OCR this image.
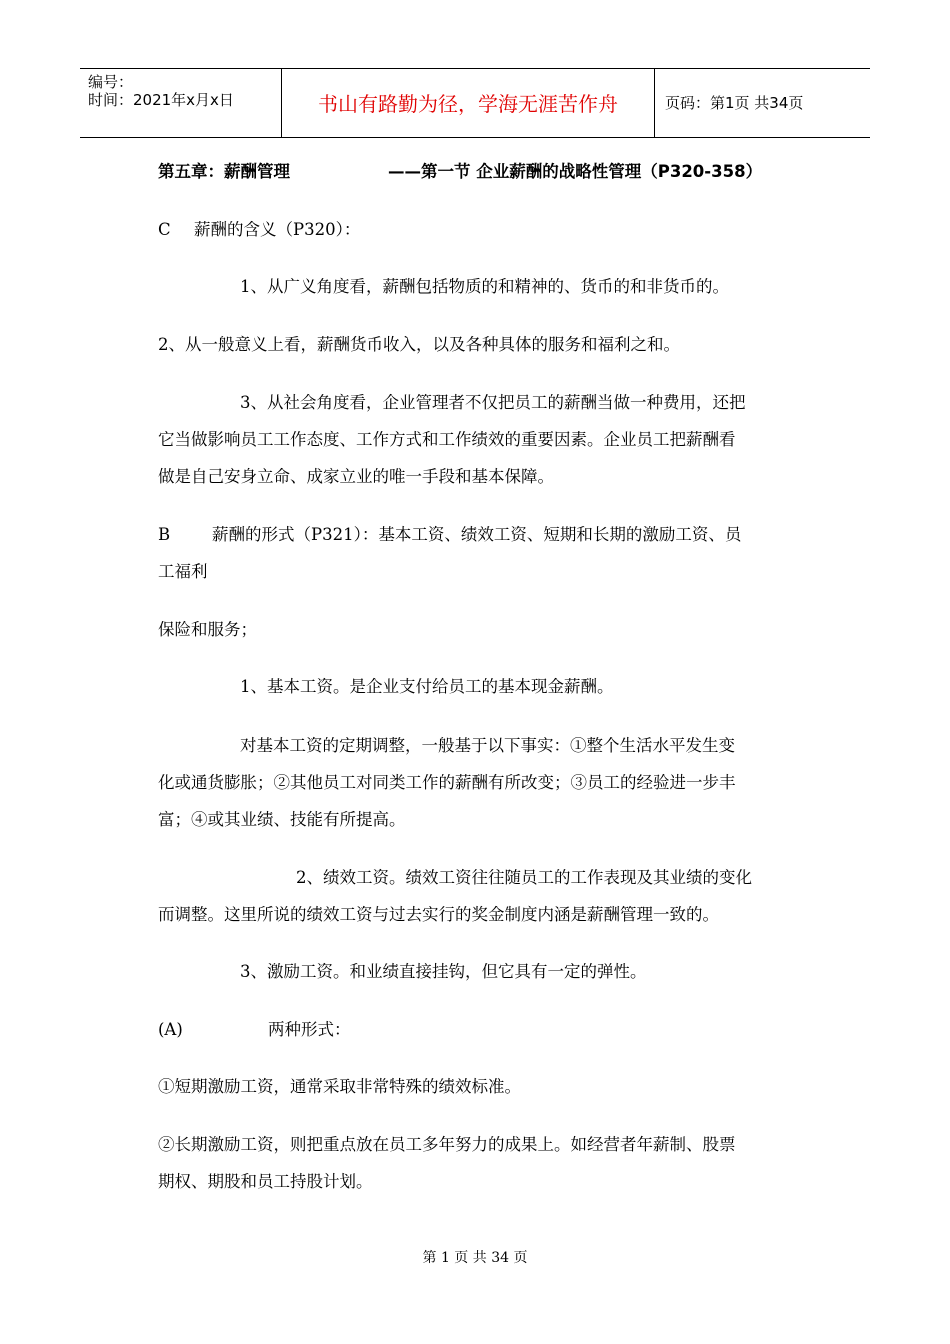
编号：
时间：2021年x月x日	书山有路勤为径，学海无涯苦作舟	页码：第1页 共34页
第五章：薪酬管理	——第一节 企业薪酬的战略性管理（P320-358）
C 薪酬的含义（P320）：
1、从广义角度看，薪酬包括物质的和精神的、货币的和非货币的。
2、从一般意义上看，薪酬货币收入，以及各种具体的服务和福利之和。
3、从社会角度看，企业管理者不仅把员工的薪酬当做一种费用，还把
它当做影响员工工作态度、工作方式和工作绩效的重要因素。企业员工把薪酬看
做是自己安身立命、成家立业的唯一手段和基本保障。
B	薪酬的形式（P321）：基本工资、绩效工资、短期和长期的激励工资、员
工福利
保险和服务；
1、基本工资。是企业支付给员工的基本现金薪酬。
对基本工资的定期调整，一般基于以下事实：①整个生活水平发生变
化或通货膨胀；②其他员工对同类工作的薪酬有所改变；③员工的经验进一步丰
富；④或其业绩、技能有所提高。
2、绩效工资。绩效工资往往随员工的工作表现及其业绩的变化
而调整。这里所说的绩效工资与过去实行的奖金制度内涵是薪酬管理一致的。
3、激励工资。和业绩直接挂钩，但它具有一定的弹性。
(A)	两种形式：
①短期激励工资，通常采取非常特殊的绩效标准。
②长期激励工资，则把重点放在员工多年努力的成果上。如经营者年薪制、股票
期权、期股和员工持股计划。
第 1 页 共 34 页
